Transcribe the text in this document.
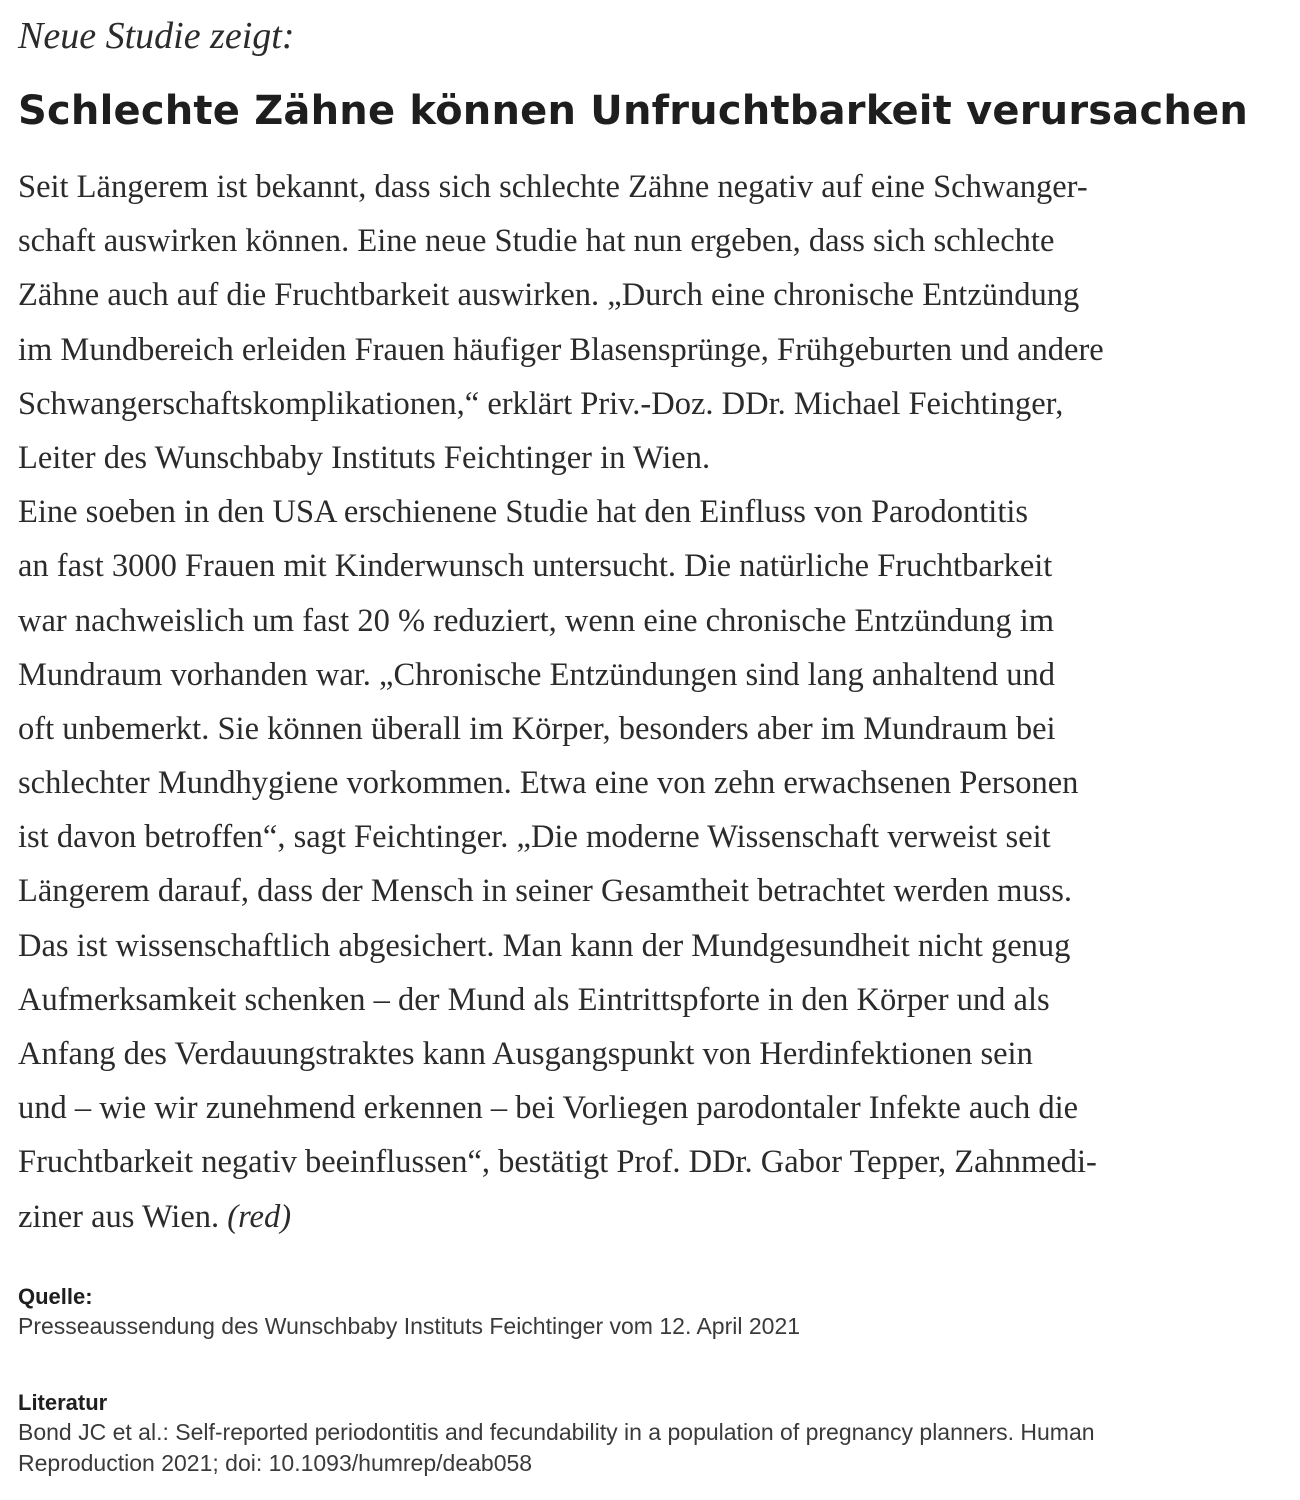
Neue Studie zeigt:

Schlechte Zähne können Unfruchtbarkeit verursachen
Seit Längerem ist bekannt, dass sich schlechte Zähne negativ auf eine Schwanger-
schaft auswirken können. Eine neue Studie hat nun ergeben, dass sich schlechte
Zähne auch auf die Fruchtbarkeit auswirken. „Durch eine chronische Entzündung
im Mundbereich erleiden Frauen häufiger Blasensprünge, Frühgeburten und andere
Schwangerschaftskomplikationen,“ erklärt Priv.-Doz. DDr. Michael Feichtinger,
Leiter des Wunschbaby Instituts Feichtinger in Wien.
Eine soeben in den USA erschienene Studie hat den Einfluss von Parodontitis
an fast 3000 Frauen mit Kinderwunsch untersucht. Die natürliche Fruchtbarkeit
war nachweislich um fast 20 % reduziert, wenn eine chronische Entzündung im
Mundraum vorhanden war. „Chronische Entzündungen sind lang anhaltend und
oft unbemerkt. Sie können überall im Körper, besonders aber im Mundraum bei
schlechter Mundhygiene vorkommen. Etwa eine von zehn erwachsenen Personen
ist davon betroffen“, sagt Feichtinger. „Die moderne Wissenschaft verweist seit
Längerem darauf, dass der Mensch in seiner Gesamtheit betrachtet werden muss.
Das ist wissenschaftlich abgesichert. Man kann der Mundgesundheit nicht genug
Aufmerksamkeit schenken – der Mund als Eintrittspforte in den Körper und als
Anfang des Verdauungstraktes kann Ausgangspunkt von Herdinfektionen sein
und – wie wir zunehmend erkennen – bei Vorliegen parodontaler Infekte auch die
Fruchtbarkeit negativ beeinflussen“, bestätigt Prof. DDr. Gabor Tepper, Zahnmedi-
ziner aus Wien. (red)
Quelle:
Presseaussendung des Wunschbaby Instituts Feichtinger vom 12. April 2021
Literatur
Bond JC et al.: Self-reported periodontitis and fecundability in a population of pregnancy planners. Human
Reproduction 2021; doi: 10.1093/humrep/deab058
